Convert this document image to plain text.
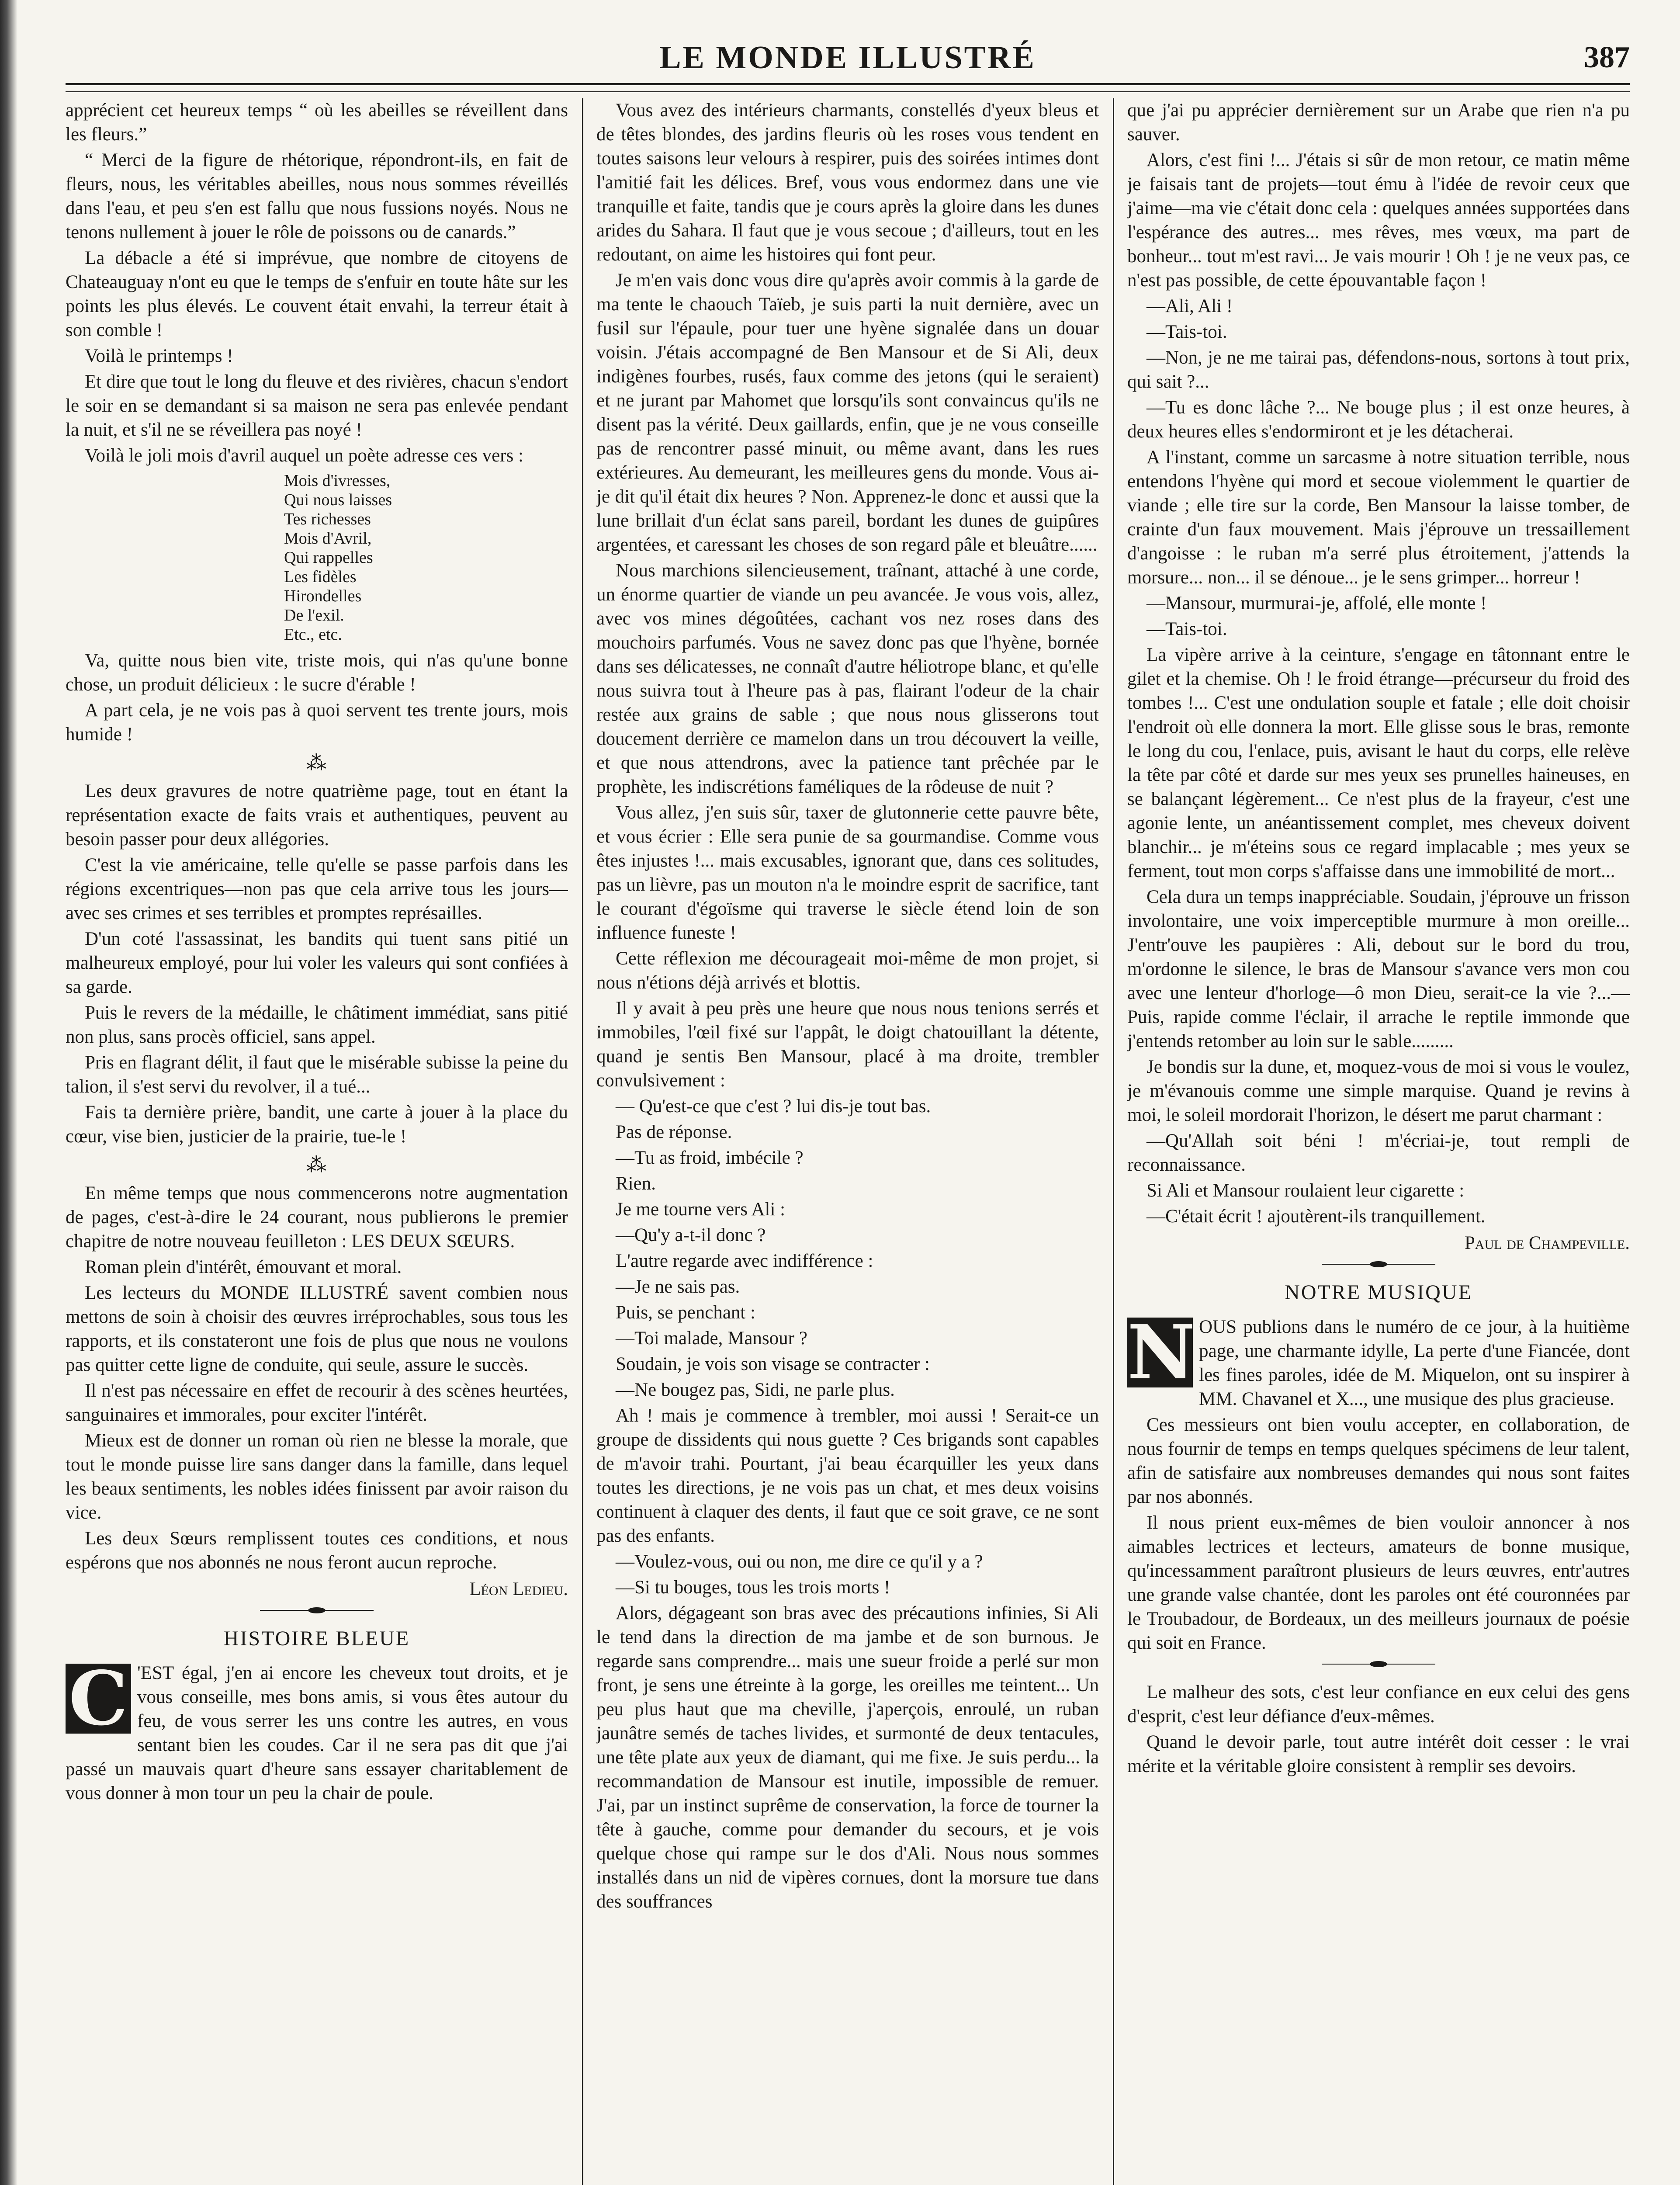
LE MONDE ILLUSTRÉ	387

apprécient cet heureux temps “ où les abeilles se réveillent dans les fleurs.”

“ Merci de la figure de rhétorique, répondront-ils, en fait de fleurs, nous, les véritables abeilles, nous nous sommes réveillés dans l'eau, et peu s'en est fallu que nous fussions noyés. Nous ne tenons nullement à jouer le rôle de poissons ou de canards.”

La débacle a été si imprévue, que nombre de citoyens de Chateauguay n'ont eu que le temps de s'enfuir en toute hâte sur les points les plus élevés. Le couvent était envahi, la terreur était à son comble !

Voilà le printemps !

Et dire que tout le long du fleuve et des rivières, chacun s'endort le soir en se demandant si sa maison ne sera pas enlevée pendant la nuit, et s'il ne se réveillera pas noyé !

Voilà le joli mois d'avril auquel un poète adresse ces vers :

Mois d'ivresses,
Qui nous laisses
Tes richesses
Mois d'Avril,
Qui rappelles
Les fidèles
Hirondelles
De l'exil.
Etc., etc.

Va, quitte nous bien vite, triste mois, qui n'as qu'une bonne chose, un produit délicieux : le sucre d'érable !

A part cela, je ne vois pas à quoi servent tes trente jours, mois humide !

⁂

Les deux gravures de notre quatrième page, tout en étant la représentation exacte de faits vrais et authentiques, peuvent au besoin passer pour deux allégories.

C'est la vie américaine, telle qu'elle se passe parfois dans les régions excentriques—non pas que cela arrive tous les jours—avec ses crimes et ses terribles et promptes représailles.

D'un coté l'assassinat, les bandits qui tuent sans pitié un malheureux employé, pour lui voler les valeurs qui sont confiées à sa garde.

Puis le revers de la médaille, le châtiment immédiat, sans pitié non plus, sans procès officiel, sans appel.

Pris en flagrant délit, il faut que le misérable subisse la peine du talion, il s'est servi du revolver, il a tué...

Fais ta dernière prière, bandit, une carte à jouer à la place du cœur, vise bien, justicier de la prairie, tue-le !

⁂

En même temps que nous commencerons notre augmentation de pages, c'est-à-dire le 24 courant, nous publierons le premier chapitre de notre nouveau feuilleton : LES DEUX SŒURS.

Roman plein d'intérêt, émouvant et moral.

Les lecteurs du MONDE ILLUSTRÉ savent combien nous mettons de soin à choisir des œuvres irréprochables, sous tous les rapports, et ils constateront une fois de plus que nous ne voulons pas quitter cette ligne de conduite, qui seule, assure le succès.

Il n'est pas nécessaire en effet de recourir à des scènes heurtées, sanguinaires et immorales, pour exciter l'intérêt.

Mieux est de donner un roman où rien ne blesse la morale, que tout le monde puisse lire sans danger dans la famille, dans lequel les beaux sentiments, les nobles idées finissent par avoir raison du vice.

Les deux Sœurs remplissent toutes ces conditions, et nous espérons que nos abonnés ne nous feront aucun reproche.

Léon Ledieu.
HISTOIRE BLEUE

C 'EST égal, j'en ai encore les cheveux tout droits, et je vous conseille, mes bons amis, si vous êtes autour du feu, de vous serrer les uns contre les autres, en vous sentant bien les coudes. Car il ne sera pas dit que j'ai passé un mauvais quart d'heure sans essayer charitablement de vous donner à mon tour un peu la chair de poule.

Vous avez des intérieurs charmants, constellés d'yeux bleus et de têtes blondes, des jardins fleuris où les roses vous tendent en toutes saisons leur velours à respirer, puis des soirées intimes dont l'amitié fait les délices. Bref, vous vous endormez dans une vie tranquille et faite, tandis que je cours après la gloire dans les dunes arides du Sahara. Il faut que je vous secoue ; d'ailleurs, tout en les redoutant, on aime les histoires qui font peur.

Je m'en vais donc vous dire qu'après avoir commis à la garde de ma tente le chaouch Taïeb, je suis parti la nuit dernière, avec un fusil sur l'épaule, pour tuer une hyène signalée dans un douar voisin. J'étais accompagné de Ben Mansour et de Si Ali, deux indigènes fourbes, rusés, faux comme des jetons (qui le seraient) et ne jurant par Mahomet que lorsqu'ils sont convaincus qu'ils ne disent pas la vérité. Deux gaillards, enfin, que je ne vous conseille pas de rencontrer passé minuit, ou même avant, dans les rues extérieures. Au demeurant, les meilleures gens du monde. Vous ai-je dit qu'il était dix heures ? Non. Apprenez-le donc et aussi que la lune brillait d'un éclat sans pareil, bordant les dunes de guipûres argentées, et caressant les choses de son regard pâle et bleuâtre......

Nous marchions silencieusement, traînant, attaché à une corde, un énorme quartier de viande un peu avancée. Je vous vois, allez, avec vos mines dégoûtées, cachant vos nez roses dans des mouchoirs parfumés. Vous ne savez donc pas que l'hyène, bornée dans ses délicatesses, ne connaît d'autre héliotrope blanc, et qu'elle nous suivra tout à l'heure pas à pas, flairant l'odeur de la chair restée aux grains de sable ; que nous nous glisserons tout doucement derrière ce mamelon dans un trou découvert la veille, et que nous attendrons, avec la patience tant prêchée par le prophète, les indiscrétions faméliques de la rôdeuse de nuit ?

Vous allez, j'en suis sûr, taxer de glutonnerie cette pauvre bête, et vous écrier : Elle sera punie de sa gourmandise. Comme vous êtes injustes !... mais excusables, ignorant que, dans ces solitudes, pas un lièvre, pas un mouton n'a le moindre esprit de sacrifice, tant le courant d'égoïsme qui traverse le siècle étend loin de son influence funeste !

Cette réflexion me décourageait moi-même de mon projet, si nous n'étions déjà arrivés et blottis.

Il y avait à peu près une heure que nous nous tenions serrés et immobiles, l'œil fixé sur l'appât, le doigt chatouillant la détente, quand je sentis Ben Mansour, placé à ma droite, trembler convulsivement :

— Qu'est-ce que c'est ? lui dis-je tout bas.

Pas de réponse.

—Tu as froid, imbécile ?

Rien.

Je me tourne vers Ali :

—Qu'y a-t-il donc ?

L'autre regarde avec indifférence :

—Je ne sais pas.

Puis, se penchant :

—Toi malade, Mansour ?

Soudain, je vois son visage se contracter :

—Ne bougez pas, Sidi, ne parle plus.

Ah ! mais je commence à trembler, moi aussi ! Serait-ce un groupe de dissidents qui nous guette ? Ces brigands sont capables de m'avoir trahi. Pourtant, j'ai beau écarquiller les yeux dans toutes les directions, je ne vois pas un chat, et mes deux voisins continuent à claquer des dents, il faut que ce soit grave, ce ne sont pas des enfants.

—Voulez-vous, oui ou non, me dire ce qu'il y a ?

—Si tu bouges, tous les trois morts !

Alors, dégageant son bras avec des précautions infinies, Si Ali le tend dans la direction de ma jambe et de son burnous. Je regarde sans comprendre... mais une sueur froide a perlé sur mon front, je sens une étreinte à la gorge, les oreilles me teintent... Un peu plus haut que ma cheville, j'aperçois, enroulé, un ruban jaunâtre semés de taches livides, et surmonté de deux tentacules, une tête plate aux yeux de diamant, qui me fixe. Je suis perdu... la recommandation de Mansour est inutile, impossible de remuer. J'ai, par un instinct suprême de conservation, la force de tourner la tête à gauche, comme pour demander du secours, et je vois quelque chose qui rampe sur le dos d'Ali. Nous nous sommes installés dans un nid de vipères cornues, dont la morsure tue dans des souffrances

que j'ai pu apprécier dernièrement sur un Arabe que rien n'a pu sauver.

Alors, c'est fini !... J'étais si sûr de mon retour, ce matin même je faisais tant de projets—tout ému à l'idée de revoir ceux que j'aime—ma vie c'était donc cela : quelques années supportées dans l'espérance des autres... mes rêves, mes vœux, ma part de bonheur... tout m'est ravi... Je vais mourir ! Oh ! je ne veux pas, ce n'est pas possible, de cette épouvantable façon !

—Ali, Ali !

—Tais-toi.

—Non, je ne me tairai pas, défendons-nous, sortons à tout prix, qui sait ?...

—Tu es donc lâche ?... Ne bouge plus ; il est onze heures, à deux heures elles s'endormiront et je les détacherai.

A l'instant, comme un sarcasme à notre situation terrible, nous entendons l'hyène qui mord et secoue violemment le quartier de viande ; elle tire sur la corde, Ben Mansour la laisse tomber, de crainte d'un faux mouvement. Mais j'éprouve un tressaillement d'angoisse : le ruban m'a serré plus étroitement, j'attends la morsure... non... il se dénoue... je le sens grimper... horreur !

—Mansour, murmurai-je, affolé, elle monte !

—Tais-toi.

La vipère arrive à la ceinture, s'engage en tâtonnant entre le gilet et la chemise. Oh ! le froid étrange—précurseur du froid des tombes !... C'est une ondulation souple et fatale ; elle doit choisir l'endroit où elle donnera la mort. Elle glisse sous le bras, remonte le long du cou, l'enlace, puis, avisant le haut du corps, elle relève la tête par côté et darde sur mes yeux ses prunelles haineuses, en se balançant légèrement... Ce n'est plus de la frayeur, c'est une agonie lente, un anéantissement complet, mes cheveux doivent blanchir... je m'éteins sous ce regard implacable ; mes yeux se ferment, tout mon corps s'affaisse dans une immobilité de mort...

Cela dura un temps inappréciable. Soudain, j'éprouve un frisson involontaire, une voix imperceptible murmure à mon oreille... J'entr'ouve les paupières : Ali, debout sur le bord du trou, m'ordonne le silence, le bras de Mansour s'avance vers mon cou avec une lenteur d'horloge—ô mon Dieu, serait-ce la vie ?...— Puis, rapide comme l'éclair, il arrache le reptile immonde que j'entends retomber au loin sur le sable.........

Je bondis sur la dune, et, moquez-vous de moi si vous le voulez, je m'évanouis comme une simple marquise. Quand je revins à moi, le soleil mordorait l'horizon, le désert me parut charmant :

—Qu'Allah soit béni ! m'écriai-je, tout rempli de reconnaissance.

Si Ali et Mansour roulaient leur cigarette :

—C'était écrit ! ajoutèrent-ils tranquillement.

Paul de Champeville.
NOTRE MUSIQUE

N OUS publions dans le numéro de ce jour, à la huitième page, une charmante idylle, La perte d'une Fiancée, dont les fines paroles, idée de M. Miquelon, ont su inspirer à MM. Chavanel et X..., une musique des plus gracieuse.

Ces messieurs ont bien voulu accepter, en collaboration, de nous fournir de temps en temps quelques spécimens de leur talent, afin de satisfaire aux nombreuses demandes qui nous sont faites par nos abonnés.

Il nous prient eux-mêmes de bien vouloir annoncer à nos aimables lectrices et lecteurs, amateurs de bonne musique, qu'incessamment paraîtront plusieurs de leurs œuvres, entr'autres une grande valse chantée, dont les paroles ont été couronnées par le Troubadour, de Bordeaux, un des meilleurs journaux de poésie qui soit en France.

Le malheur des sots, c'est leur confiance en eux celui des gens d'esprit, c'est leur défiance d'eux-mêmes.

Quand le devoir parle, tout autre intérêt doit cesser : le vrai mérite et la véritable gloire consistent à remplir ses devoirs.
